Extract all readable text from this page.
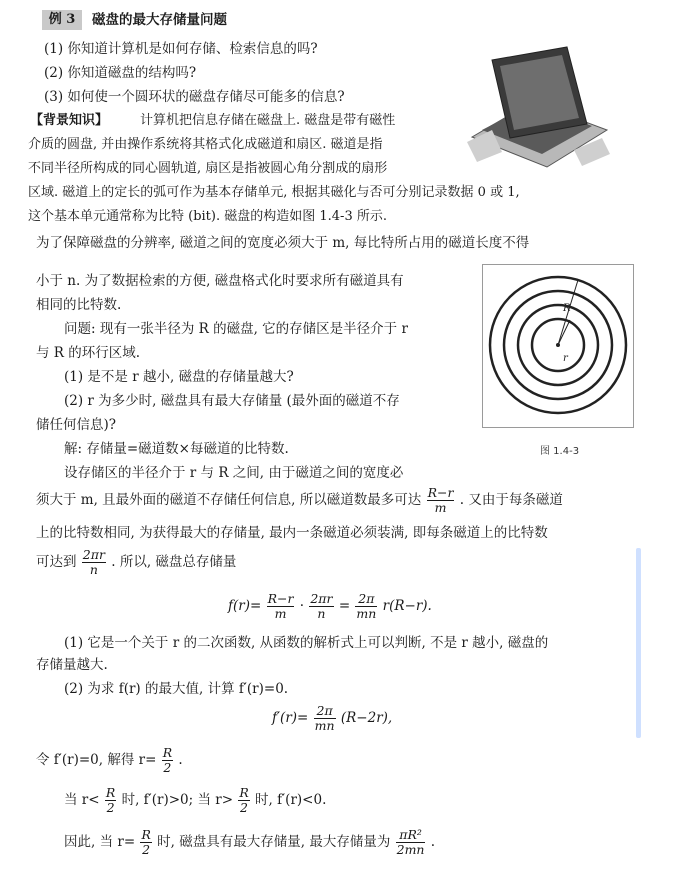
例 3	磁盘的最大存储量问题
(1) 你知道计算机是如何存储、检索信息的吗?
(2) 你知道磁盘的结构吗?
(3) 如何使一个圆环状的磁盘存储尽可能多的信息?
【背景知识】 计算机把信息存储在磁盘上. 磁盘是带有磁性
介质的圆盘, 并由操作系统将其格式化成磁道和扇区. 磁道是指
不同半径所构成的同心圆轨道, 扇区是指被圆心角分割成的扇形
区域. 磁道上的定长的弧可作为基本存储单元, 根据其磁化与否可分别记录数据 0 或 1,
这个基本单元通常称为比特 (bit). 磁盘的构造如图 1.4-3 所示.
为了保障磁盘的分辨率, 磁道之间的宽度必须大于 m, 每比特所占用的磁道长度不得
R
r
图 1.4-3
小于 n. 为了数据检索的方便, 磁盘格式化时要求所有磁道具有
相同的比特数.
问题: 现有一张半径为 R 的磁盘, 它的存储区是半径介于 r
与 R 的环行区域.
(1) 是不是 r 越小, 磁盘的存储量越大?
(2) r 为多少时, 磁盘具有最大存储量 (最外面的磁道不存
储任何信息)?
解: 存储量=磁道数×每磁道的比特数.
设存储区的半径介于 r 与 R 之间, 由于磁道之间的宽度必
须大于 m, 且最外面的磁道不存储任何信息, 所以磁道数最多可达 $\frac{R-r}{m}$ . 又由于每条磁道
上的比特数相同, 为获得最大的存储量, 最内一条磁道必须装满, 即每条磁道上的比特数
可达到 $\frac{2\pi r}{n}$ . 所以, 磁盘总存储量
$f(r)= \frac{R-r}{m} \cdot \frac{2\pi r}{n} = \frac{2\pi}{mn} r(R-r)$.
(1) 它是一个关于 r 的二次函数, 从函数的解析式上可以判断, 不是 r 越小, 磁盘的
存储量越大.
(2) 为求 f(r) 的最大值, 计算 f′(r)=0.
$f'(r)= \frac{2\pi}{mn} (R-2r)$,
令 f′(r)=0, 解得 $r= \frac{R}{2}$ .
当 $r< \frac{R}{2}$ 时, f′(r)>0; 当 $r> \frac{R}{2}$ 时, f′(r)<0.
因此, 当 $r= \frac{R}{2}$ 时, 磁盘具有最大存储量, 最大存储量为 $\frac{\text{πR²}}{2mn}$ .
